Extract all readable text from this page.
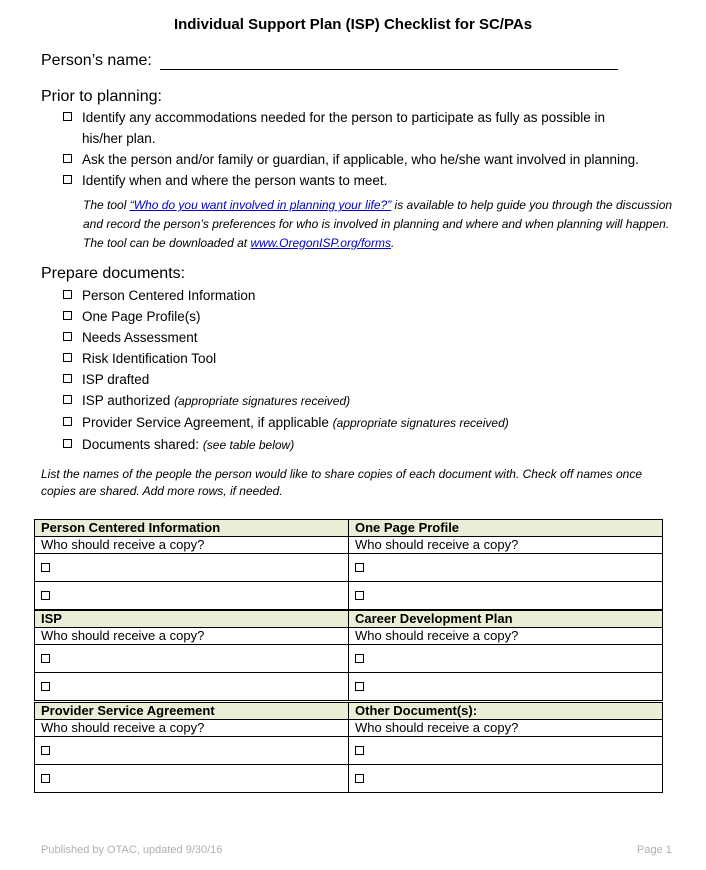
Individual Support Plan (ISP) Checklist for SC/PAs
Person’s name:
Prior to planning:
Identify any accommodations needed for the person to participate as fully as possible in his/her plan.
Ask the person and/or family or guardian, if applicable, who he/she want involved in planning.
Identify when and where the person wants to meet.
The tool “Who do you want involved in planning your life?” is available to help guide you through the discussion and record the person’s preferences for who is involved in planning and where and when planning will happen. The tool can be downloaded at www.OregonISP.org/forms.
Prepare documents:
Person Centered Information
One Page Profile(s)
Needs Assessment
Risk Identification Tool
ISP drafted
ISP authorized (appropriate signatures received)
Provider Service Agreement, if applicable (appropriate signatures received)
Documents shared: (see table below)
List the names of the people the person would like to share copies of each document with. Check off names once copies are shared. Add more rows, if needed.
Person Centered Information	One Page Profile
Who should receive a copy?	Who should receive a copy?

ISP	Career Development Plan
Who should receive a copy?	Who should receive a copy?

Provider Service Agreement	Other Document(s):
Who should receive a copy?	Who should receive a copy?

Published by OTAC, updated 9/30/16	Page 1
